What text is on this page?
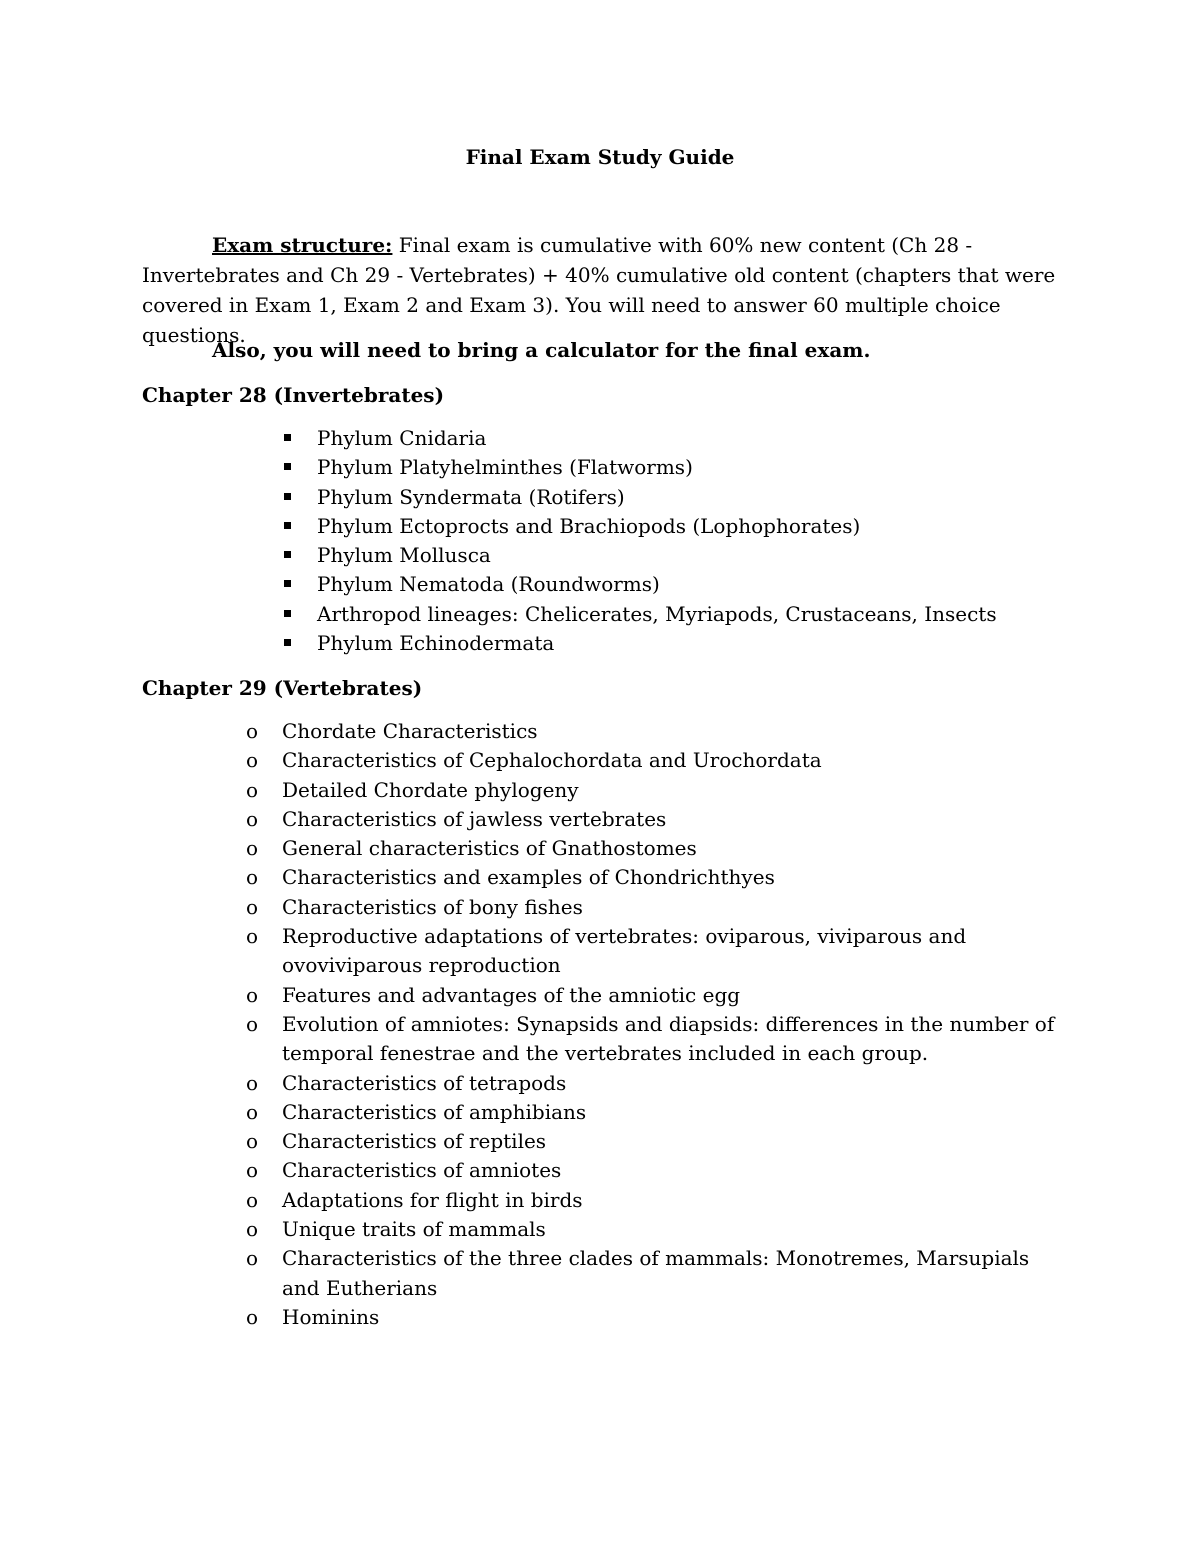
Final Exam Study Guide

Exam structure: Final exam is cumulative with 60% new content (Ch 28 - Invertebrates and Ch 29 - Vertebrates) + 40% cumulative old content (chapters that were covered in Exam 1, Exam 2 and Exam 3). You will need to answer 60 multiple choice questions.

Also, you will need to bring a calculator for the final exam.

Chapter 28 (Invertebrates)

Phylum Cnidaria
Phylum Platyhelminthes (Flatworms)
Phylum Syndermata (Rotifers)
Phylum Ectoprocts and Brachiopods (Lophophorates)
Phylum Mollusca
Phylum Nematoda (Roundworms)
Arthropod lineages: Chelicerates, Myriapods, Crustaceans, Insects
Phylum Echinodermata

Chapter 29 (Vertebrates)

o Chordate Characteristics
o Characteristics of Cephalochordata and Urochordata
o Detailed Chordate phylogeny
o Characteristics of jawless vertebrates
o General characteristics of Gnathostomes
o Characteristics and examples of Chondrichthyes
o Characteristics of bony fishes
o Reproductive adaptations of vertebrates: oviparous, viviparous and ovoviviparous reproduction
o Features and advantages of the amniotic egg
o Evolution of amniotes: Synapsids and diapsids: differences in the number of temporal fenestrae and the vertebrates included in each group.
o Characteristics of tetrapods
o Characteristics of amphibians
o Characteristics of reptiles
o Characteristics of amniotes
o Adaptations for flight in birds
o Unique traits of mammals
o Characteristics of the three clades of mammals: Monotremes, Marsupials and Eutherians
o Hominins
